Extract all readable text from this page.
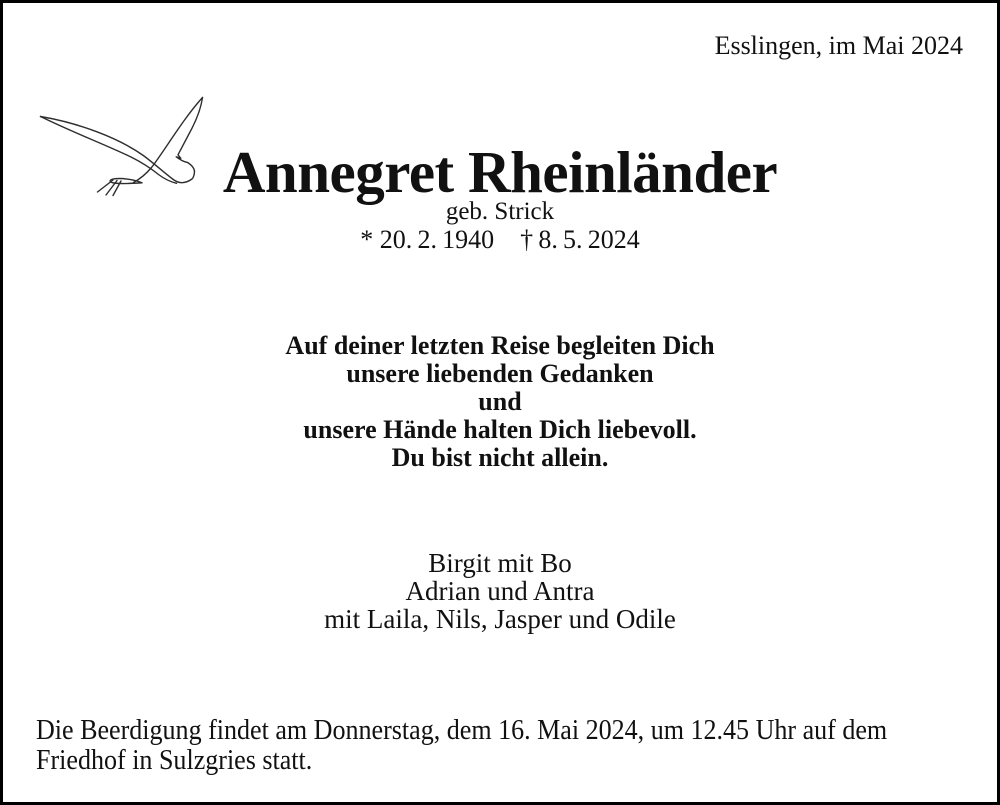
Esslingen, im Mai 2024
Annegret Rheinländer
geb. Strick
* 20. 2. 1940  † 8. 5. 2024
Auf deiner letzten Reise begleiten Dich
unsere liebenden Gedanken
und
unsere Hände halten Dich liebevoll.
Du bist nicht allein.
Birgit mit Bo
Adrian und Antra
mit Laila, Nils, Jasper und Odile
Die Beerdigung findet am Donnerstag, dem 16. Mai 2024, um 12.45 Uhr auf dem
Friedhof in Sulzgries statt.
